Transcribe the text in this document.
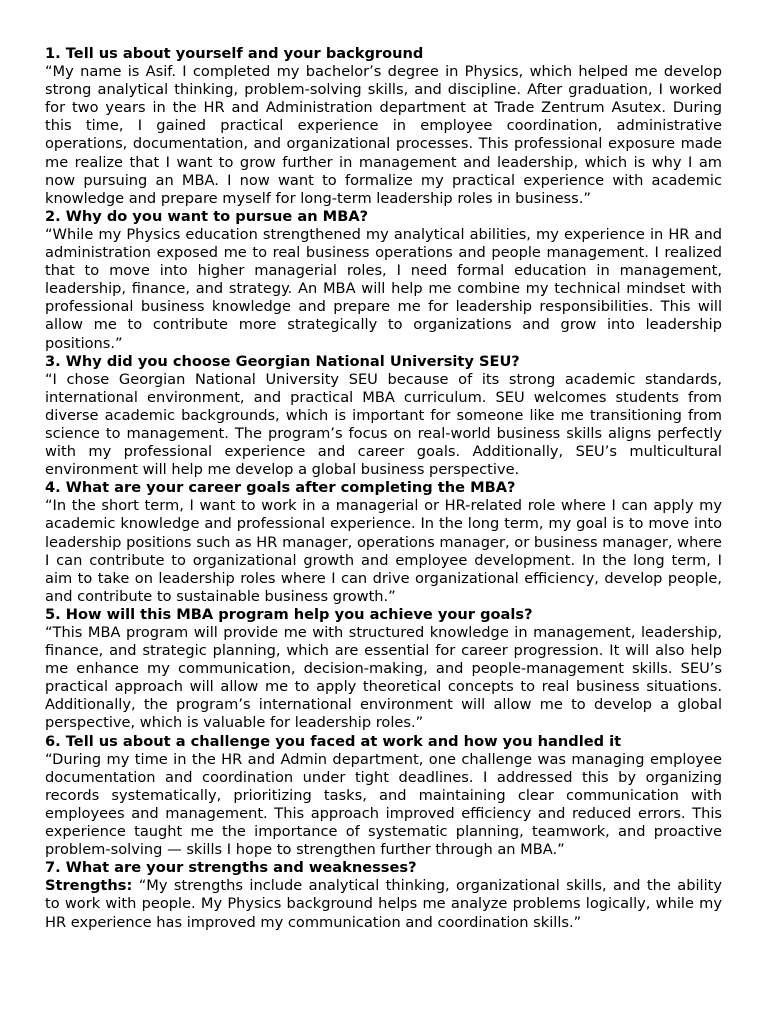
1. Tell us about yourself and your background

“My name is Asif. I completed my bachelor’s degree in Physics, which helped me develop strong analytical thinking, problem-solving skills, and discipline. After graduation, I worked for two years in the HR and Administration department at Trade Zentrum Asutex. During this time, I gained practical experience in employee coordination, administrative operations, documentation, and organizational processes. This professional exposure made me realize that I want to grow further in management and leadership, which is why I am now pursuing an MBA. I now want to formalize my practical experience with academic knowledge and prepare myself for long-term leadership roles in business.”

2. Why do you want to pursue an MBA?

“While my Physics education strengthened my analytical abilities, my experience in HR and administration exposed me to real business operations and people management. I realized that to move into higher managerial roles, I need formal education in management, leadership, finance, and strategy. An MBA will help me combine my technical mindset with professional business knowledge and prepare me for leadership responsibilities. This will allow me to contribute more strategically to organizations and grow into leadership positions.”

3. Why did you choose Georgian National University SEU?

“I chose Georgian National University SEU because of its strong academic standards, international environment, and practical MBA curriculum. SEU welcomes students from diverse academic backgrounds, which is important for someone like me transitioning from science to management. The program’s focus on real-world business skills aligns perfectly with my professional experience and career goals. Additionally, SEU’s multicultural environment will help me develop a global business perspective.

4. What are your career goals after completing the MBA?

“In the short term, I want to work in a managerial or HR-related role where I can apply my academic knowledge and professional experience. In the long term, my goal is to move into leadership positions such as HR manager, operations manager, or business manager, where I can contribute to organizational growth and employee development. In the long term, I aim to take on leadership roles where I can drive organizational efficiency, develop people, and contribute to sustainable business growth.”

5. How will this MBA program help you achieve your goals?

“This MBA program will provide me with structured knowledge in management, leadership, finance, and strategic planning, which are essential for career progression. It will also help me enhance my communication, decision-making, and people-management skills. SEU’s practical approach will allow me to apply theoretical concepts to real business situations. Additionally, the program’s international environment will allow me to develop a global perspective, which is valuable for leadership roles.”

6. Tell us about a challenge you faced at work and how you handled it

“During my time in the HR and Admin department, one challenge was managing employee documentation and coordination under tight deadlines. I addressed this by organizing records systematically, prioritizing tasks, and maintaining clear communication with employees and management. This approach improved efficiency and reduced errors. This experience taught me the importance of systematic planning, teamwork, and proactive problem-solving — skills I hope to strengthen further through an MBA.”

7. What are your strengths and weaknesses?

Strengths: “My strengths include analytical thinking, organizational skills, and the ability to work with people. My Physics background helps me analyze problems logically, while my HR experience has improved my communication and coordination skills.”
